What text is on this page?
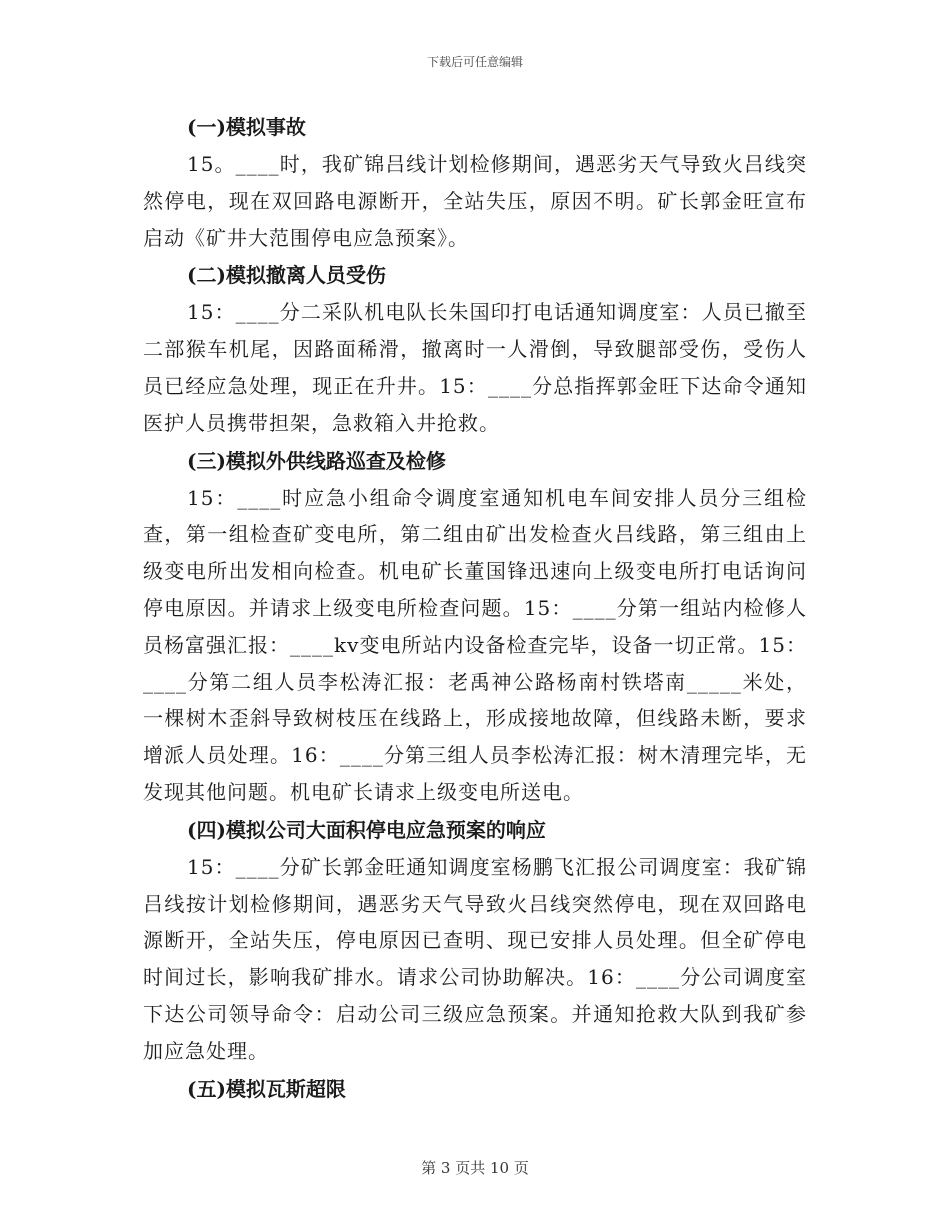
下载后可任意编辑
(一)模拟事故

15。____时，我矿锦吕线计划检修期间，遇恶劣天气导致火吕线突然停电，现在双回路电源断开，全站失压，原因不明。矿长郭金旺宣布启动《矿井大范围停电应急预案》。

(二)模拟撤离人员受伤

15：____分二采队机电队长朱国印打电话通知调度室：人员已撤至二部猴车机尾，因路面稀滑，撤离时一人滑倒，导致腿部受伤，受伤人员已经应急处理，现正在升井。15：____分总指挥郭金旺下达命令通知医护人员携带担架，急救箱入井抢救。

(三)模拟外供线路巡查及检修

15：____时应急小组命令调度室通知机电车间安排人员分三组检查，第一组检查矿变电所，第二组由矿出发检查火吕线路，第三组由上级变电所出发相向检查。机电矿长董国锋迅速向上级变电所打电话询问停电原因。并请求上级变电所检查问题。15：____分第一组站内检修人员杨富强汇报：____kv变电所站内设备检查完毕，设备一切正常。15：____分第二组人员李松涛汇报：老禹神公路杨南村铁塔南_____米处，一棵树木歪斜导致树枝压在线路上，形成接地故障，但线路未断，要求增派人员处理。16：____分第三组人员李松涛汇报：树木清理完毕，无发现其他问题。机电矿长请求上级变电所送电。

(四)模拟公司大面积停电应急预案的响应

15：____分矿长郭金旺通知调度室杨鹏飞汇报公司调度室：我矿锦吕线按计划检修期间，遇恶劣天气导致火吕线突然停电，现在双回路电源断开，全站失压，停电原因已查明、现已安排人员处理。但全矿停电时间过长，影响我矿排水。请求公司协助解决。16：____分公司调度室下达公司领导命令：启动公司三级应急预案。并通知抢救大队到我矿参加应急处理。

(五)模拟瓦斯超限
第 3 页共 10 页
